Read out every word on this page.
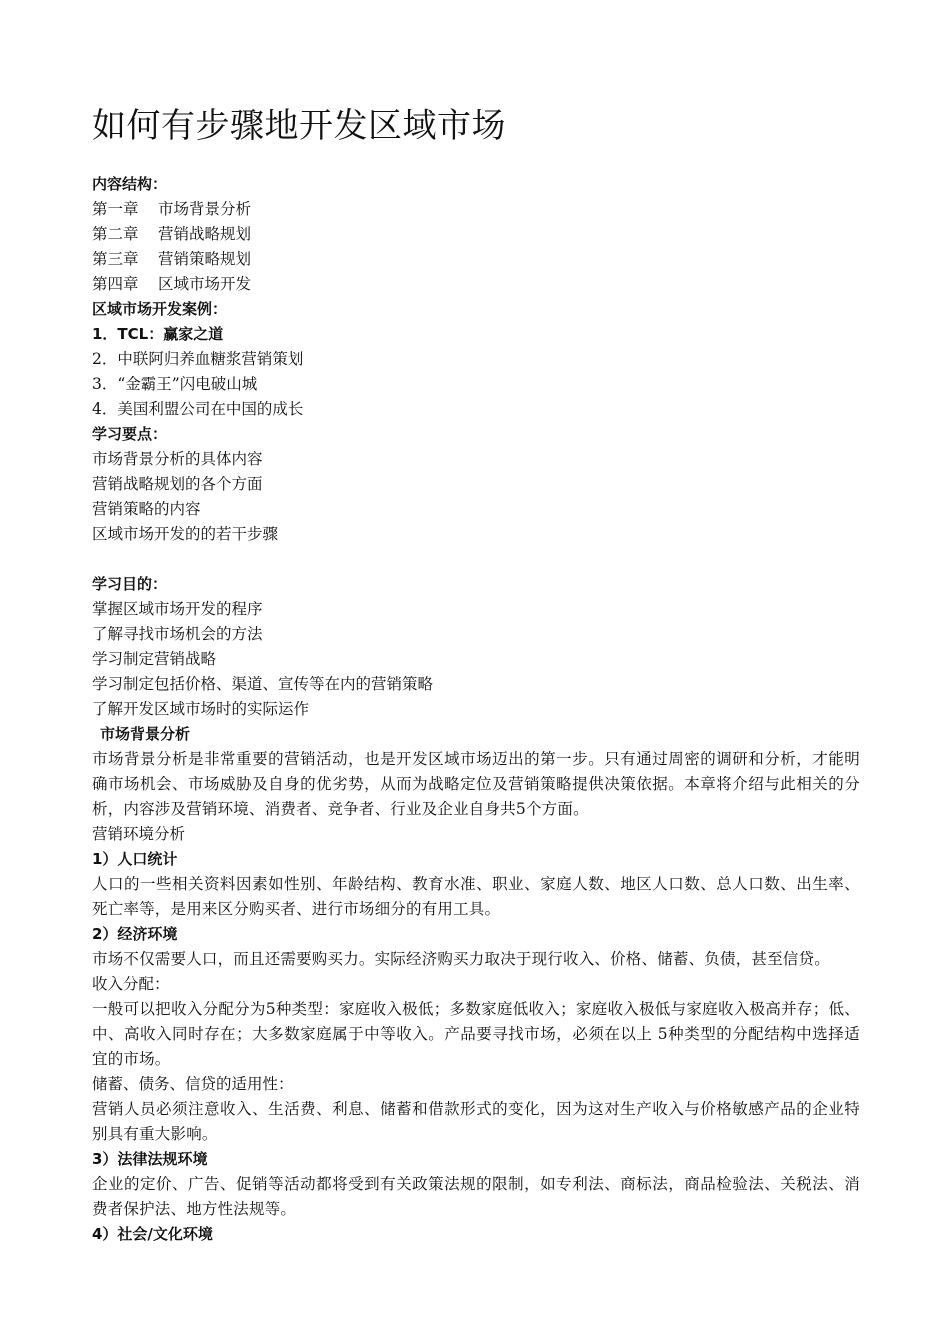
如何有步骤地开发区域市场

内容结构：

第一章 市场背景分析

第二章 营销战略规划

第三章 营销策略规划

第四章 区域市场开发

区域市场开发案例：

1．TCL：赢家之道

2．中联阿归养血糖浆营销策划

3．“金霸王”闪电破山城

4．美国利盟公司在中国的成长

学习要点：

市场背景分析的具体内容

营销战略规划的各个方面

营销策略的内容

区域市场开发的的若干步骤

学习目的：

掌握区域市场开发的程序

了解寻找市场机会的方法

学习制定营销战略

学习制定包括价格、渠道、宣传等在内的营销策略

了解开发区域市场时的实际运作

市场背景分析

市场背景分析是非常重要的营销活动，也是开发区域市场迈出的第一步。只有通过周密的调研和分析，才能明确市场机会、市场威胁及自身的优劣势，从而为战略定位及营销策略提供决策依据。本章将介绍与此相关的分析，内容涉及营销环境、消费者、竞争者、行业及企业自身共5个方面。

营销环境分析

1）人口统计

人口的一些相关资料因素如性别、年龄结构、教育水准、职业、家庭人数、地区人口数、总人口数、出生率、死亡率等，是用来区分购买者、进行市场细分的有用工具。

2）经济环境

市场不仅需要人口，而且还需要购买力。实际经济购买力取决于现行收入、价格、储蓄、负债，甚至信贷。

收入分配：

一般可以把收入分配分为5种类型：家庭收入极低；多数家庭低收入；家庭收入极低与家庭收入极高并存；低、中、高收入同时存在；大多数家庭属于中等收入。产品要寻找市场，必须在以上 5种类型的分配结构中选择适宜的市场。

储蓄、债务、信贷的适用性：

营销人员必须注意收入、生活费、利息、储蓄和借款形式的变化，因为这对生产收入与价格敏感产品的企业特别具有重大影响。

3）法律法规环境

企业的定价、广告、促销等活动都将受到有关政策法规的限制，如专利法、商标法，商品检验法、关税法、消费者保护法、地方性法规等。

4）社会/文化环境
